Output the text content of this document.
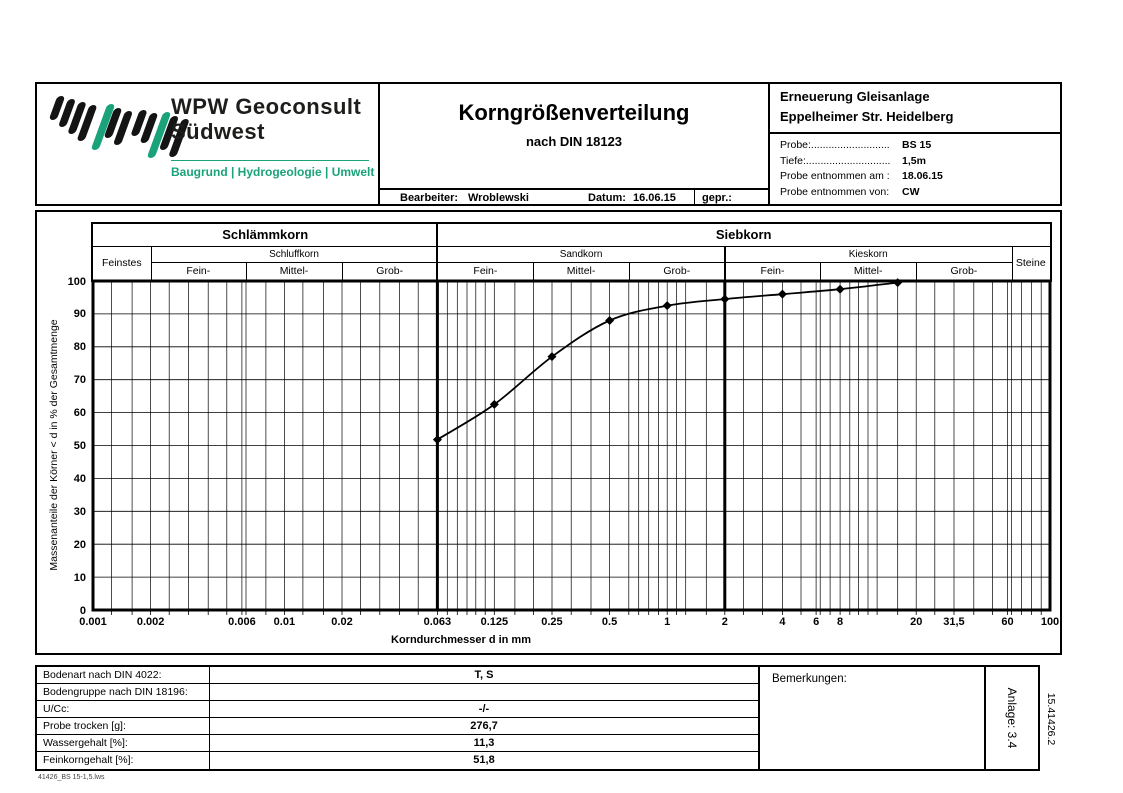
WPW Geoconsult
Südwest
Baugrund | Hydrogeologie | Umwelt
Korngrößenverteilung
nach DIN 18123
Bearbeiter: Wroblewski	Datum: 16.06.15 gepr.:
Erneuerung Gleisanlage
Eppelheimer Str. Heidelberg
Probe:........................... BS 15
Tiefe:............................. 1,5m
Probe entnommen am : 18.06.15
Probe entnommen von: CW
Schlämmkorn	Siebkorn
Feinstes
Schluffkorn
Fein-	Mittel-	Grob-
Sandkorn
Fein-	Mittel-	Grob-
Kieskorn
Fein-	Mittel-	Grob-
Steine
0.001	0.002	0.006 0.01	0.02	0.063	0.125	0.25	0.5	1	2	4	6 8	20 31,5	60 100
Korndurchmesser d in mm
0
10
20
30
40
50
60
70
80
90
100
Massenanteile der Körner < d in % der Gesamtmenge
Bodenart nach DIN 4022:	T, S
Bodengruppe nach DIN 18196:
U/Cc:	-/-
Probe trocken [g]:	276,7
Wassergehalt [%]:	11,3
Feinkorngehalt [%]:	51,8
Bemerkungen:
Anlage: 3.4 15.41426.2
41426_BS 15-1,5.lws
